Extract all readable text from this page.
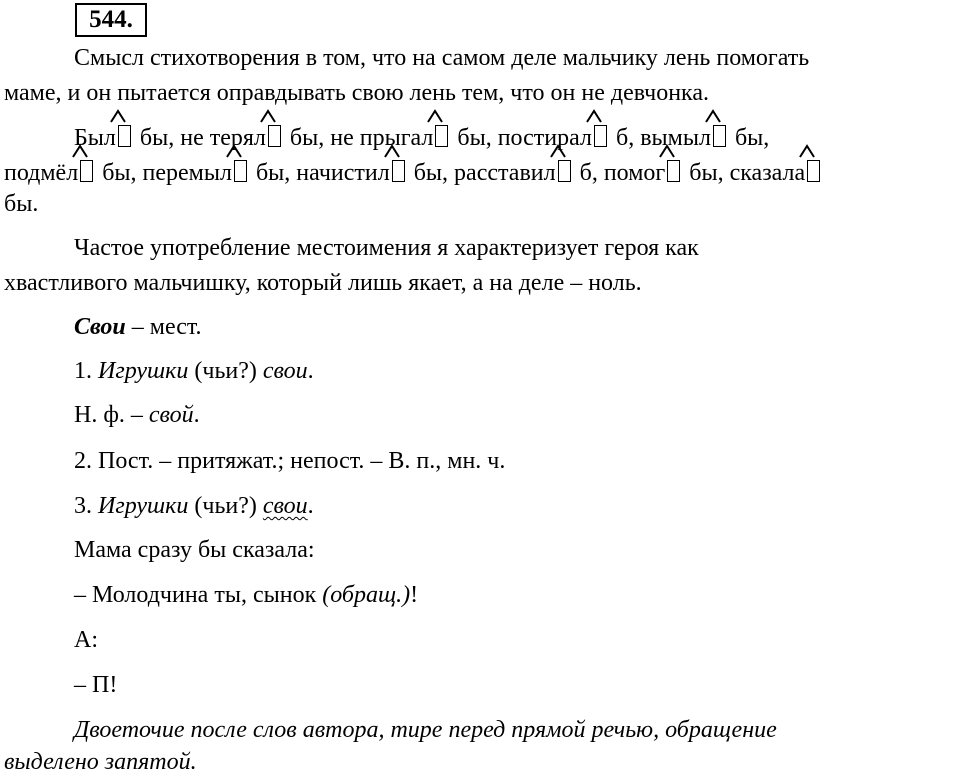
544.
Смысл стихотворения в том, что на самом деле мальчику лень помогать
маме, и он пытается оправдывать свою лень тем, что он не девчонка.
Был
бы, не терял
бы, не прыгал
бы, постирал
б, вымыл
бы,
подмёл
бы, перемыл
бы, начистил
бы, расставил
б, помог
бы, сказала
бы.
Частое употребление местоимения я характеризует героя как
хвастливого мальчишку, который лишь якает, а на деле – ноль.
Свои – мест.
1. Игрушки (чьи?) свои.
Н. ф. – свой.
2. Пост. – притяжат.; непост. – В. п., мн. ч.
3. Игрушки (чьи?) свои.
Мама сразу бы сказала:
– Молодчина ты, сынок (обращ.)!
А:
– П!
Двоеточие после слов автора, тире перед прямой речью, обращение
выделено запятой.
